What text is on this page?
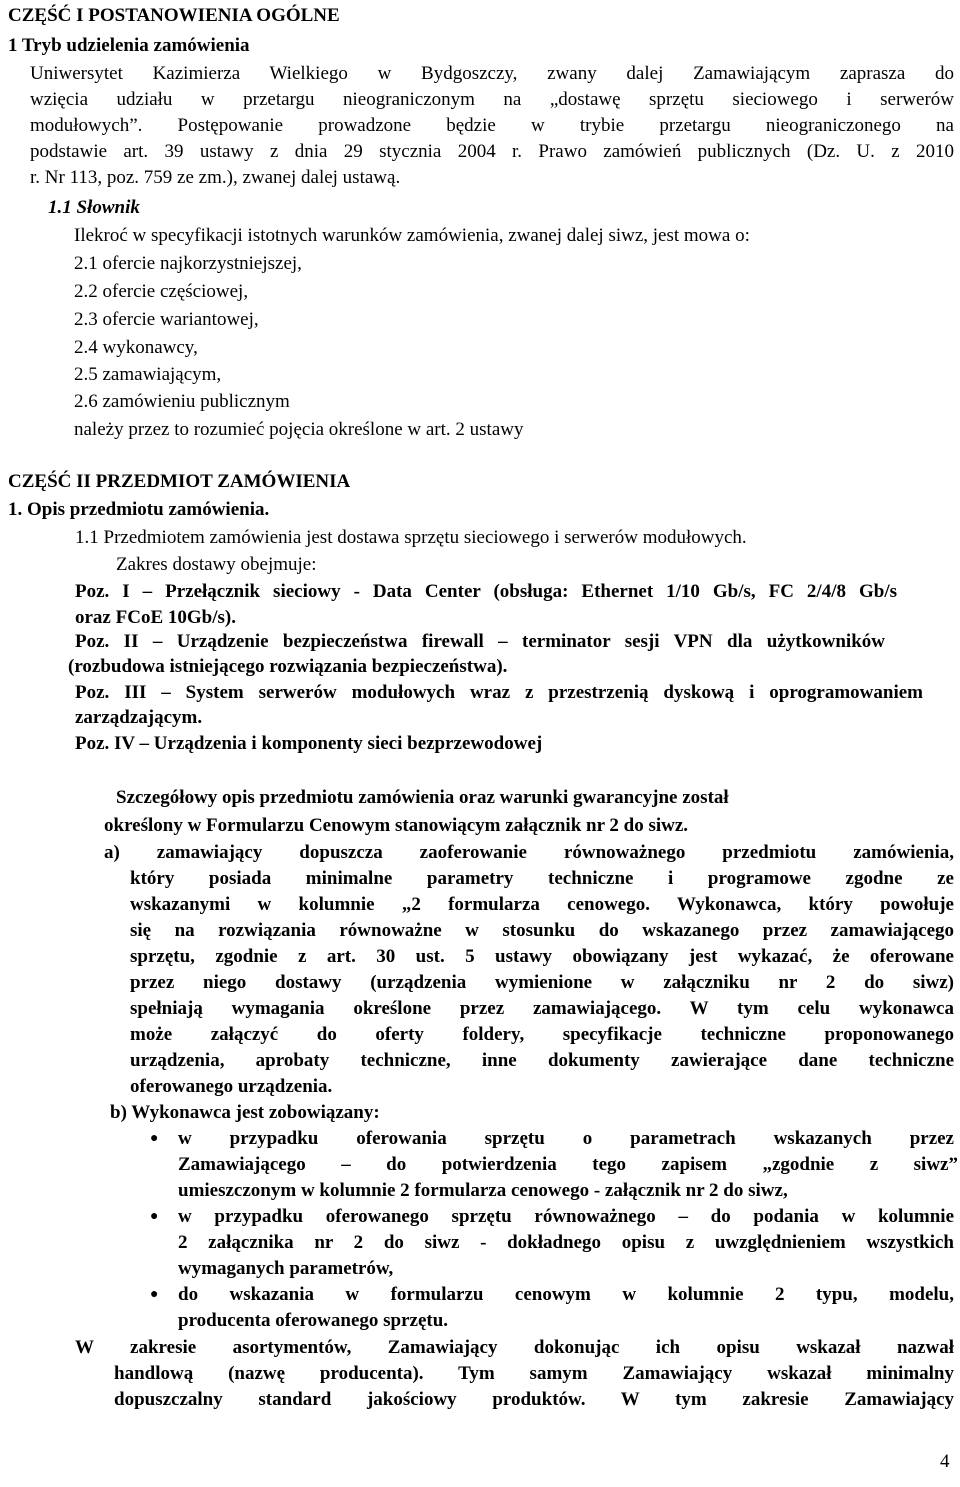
CZĘŚĆ I POSTANOWIENIA OGÓLNE
1 Tryb udzielenia zamówienia
Uniwersytet Kazimierza Wielkiego w Bydgoszczy, zwany dalej Zamawiającym zaprasza do
wzięcia udziału w przetargu nieograniczonym na „dostawę sprzętu sieciowego i serwerów
modułowych”. Postępowanie prowadzone będzie w trybie przetargu nieograniczonego na
podstawie art. 39 ustawy z dnia 29 stycznia 2004 r. Prawo zamówień publicznych (Dz. U. z 2010
r. Nr 113, poz. 759 ze zm.), zwanej dalej ustawą.
1.1 Słownik
Ilekroć w specyfikacji istotnych warunków zamówienia, zwanej dalej siwz, jest mowa o:
2.1 ofercie najkorzystniejszej,
2.2 ofercie częściowej,
2.3 ofercie wariantowej,
2.4 wykonawcy,
2.5 zamawiającym,
2.6 zamówieniu publicznym
należy przez to rozumieć pojęcia określone w art. 2 ustawy
CZĘŚĆ II PRZEDMIOT ZAMÓWIENIA
1. Opis przedmiotu zamówienia.
1.1 Przedmiotem zamówienia jest dostawa sprzętu sieciowego i serwerów modułowych.
Zakres dostawy obejmuje:
Poz. I – Przełącznik sieciowy - Data Center (obsługa: Ethernet 1/10 Gb/s, FC 2/4/8 Gb/s
oraz FCoE 10Gb/s).
Poz. II – Urządzenie bezpieczeństwa firewall – terminator sesji VPN dla użytkowników
(rozbudowa istniejącego rozwiązania bezpieczeństwa).
Poz. III – System serwerów modułowych wraz z przestrzenią dyskową i oprogramowaniem
zarządzającym.
Poz. IV – Urządzenia i komponenty sieci bezprzewodowej
Szczegółowy opis przedmiotu zamówienia oraz warunki gwarancyjne został
określony w Formularzu Cenowym stanowiącym załącznik nr 2 do siwz.
a) zamawiający dopuszcza zaoferowanie równoważnego przedmiotu zamówienia,
który posiada minimalne parametry techniczne i programowe zgodne ze
wskazanymi w kolumnie „2 formularza cenowego. Wykonawca, który powołuje
się na rozwiązania równoważne w stosunku do wskazanego przez zamawiającego
sprzętu, zgodnie z art. 30 ust. 5 ustawy obowiązany jest wykazać, że oferowane
przez niego dostawy (urządzenia wymienione w załączniku nr 2 do siwz)
spełniają wymagania określone przez zamawiającego. W tym celu wykonawca
może załączyć do oferty foldery, specyfikacje techniczne proponowanego
urządzenia, aprobaty techniczne, inne dokumenty zawierające dane techniczne
oferowanego urządzenia.
b) Wykonawca jest zobowiązany:
● w przypadku oferowania sprzętu o parametrach wskazanych przez
Zamawiającego – do potwierdzenia tego zapisem „zgodnie z siwz”
umieszczonym w kolumnie 2 formularza cenowego - załącznik nr 2 do siwz,
● w przypadku oferowanego sprzętu równoważnego – do podania w kolumnie
2 załącznika nr 2 do siwz - dokładnego opisu z uwzględnieniem wszystkich
wymaganych parametrów,
● do wskazania w formularzu cenowym w kolumnie 2 typu, modelu,
producenta oferowanego sprzętu.
W zakresie asortymentów, Zamawiający dokonując ich opisu wskazał nazwał
handlową (nazwę producenta). Tym samym Zamawiający wskazał minimalny
dopuszczalny standard jakościowy produktów. W tym zakresie Zamawiający
4
